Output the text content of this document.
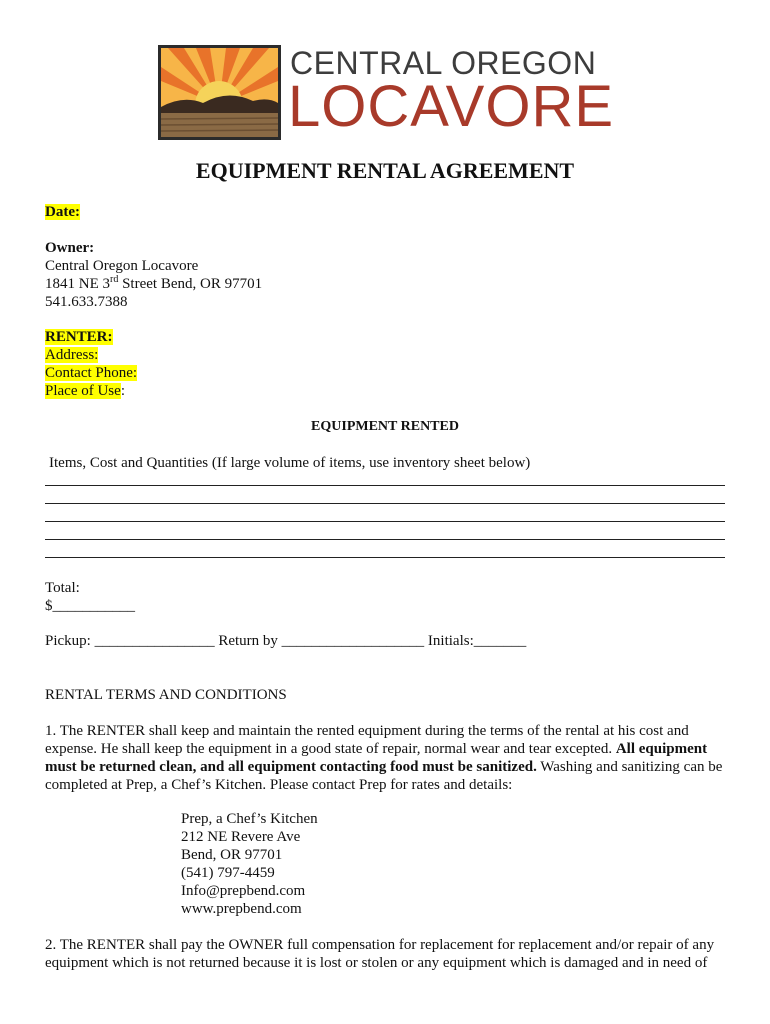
CENTRAL OREGON
LOCAVORE
EQUIPMENT RENTAL AGREEMENT
Date:
Owner:
Central Oregon Locavore
1841 NE 3rd Street Bend, OR 97701
541.633.7388
RENTER:
Address:
Contact Phone:
Place of Use:
EQUIPMENT RENTED
Items, Cost and Quantities (If large volume of items, use inventory sheet below)
Total:
$___________
Pickup: ________________ Return by ___________________ Initials:_______
RENTAL TERMS AND CONDITIONS
1. The RENTER shall keep and maintain the rented equipment during the terms of the rental at his cost and expense. He shall keep the equipment in a good state of repair, normal wear and tear excepted. All equipment must be returned clean, and all equipment contacting food must be sanitized. Washing and sanitizing can be completed at Prep, a Chef’s Kitchen. Please contact Prep for rates and details:
Prep, a Chef’s Kitchen
212 NE Revere Ave
Bend, OR 97701
(541) 797-4459
Info@prepbend.com
www.prepbend.com
2. The RENTER shall pay the OWNER full compensation for replacement for replacement and/or repair of any equipment which is not returned because it is lost or stolen or any equipment which is damaged and in need of
